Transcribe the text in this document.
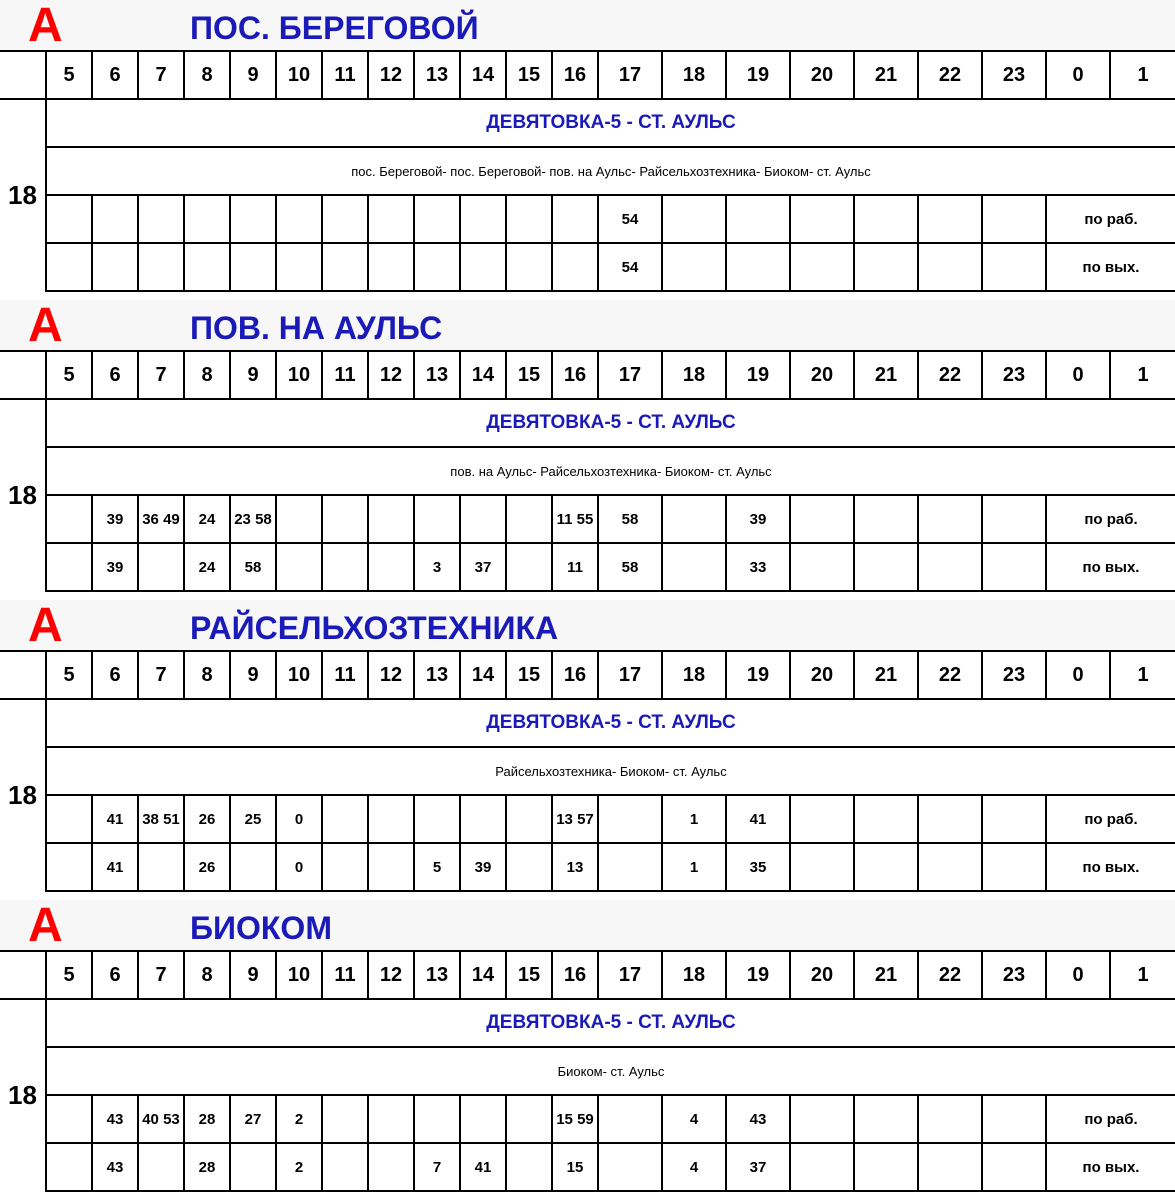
А	ПОС. БЕРЕГОВОЙ
	5	6	7	8	9	10	11	12	13	14	15	16	17	18	19	20	21	22	23	0	1
18	ДЕВЯТОВКА-5 - СТ. АУЛЬС																				
	пос. Береговой- пос. Береговой- пов. на Аульс- Райсельхозтехника- Биоком- ст. Аульс																				
													54							по раб.	
													54							по вых.	
А	ПОВ. НА АУЛЬС
	5	6	7	8	9	10	11	12	13	14	15	16	17	18	19	20	21	22	23	0	1
18	ДЕВЯТОВКА-5 - СТ. АУЛЬС																				
	пов. на Аульс- Райсельхозтехника- Биоком- ст. Аульс																				
		39	36 49	24	23 58							11 55	58		39					по раб.	
		39		24	58				3	37		11	58		33					по вых.	
А	РАЙСЕЛЬХОЗТЕХНИКА
	5	6	7	8	9	10	11	12	13	14	15	16	17	18	19	20	21	22	23	0	1
18	ДЕВЯТОВКА-5 - СТ. АУЛЬС																				
	Райсельхозтехника- Биоком- ст. Аульс																				
		41	38 51	26	25	0						13 57		1	41					по раб.	
		41		26		0			5	39		13		1	35					по вых.	
А	БИОКОМ
	5	6	7	8	9	10	11	12	13	14	15	16	17	18	19	20	21	22	23	0	1
18	ДЕВЯТОВКА-5 - СТ. АУЛЬС																				
	Биоком- ст. Аульс																				
		43	40 53	28	27	2						15 59		4	43					по раб.	
		43		28		2			7	41		15		4	37					по вых.	
